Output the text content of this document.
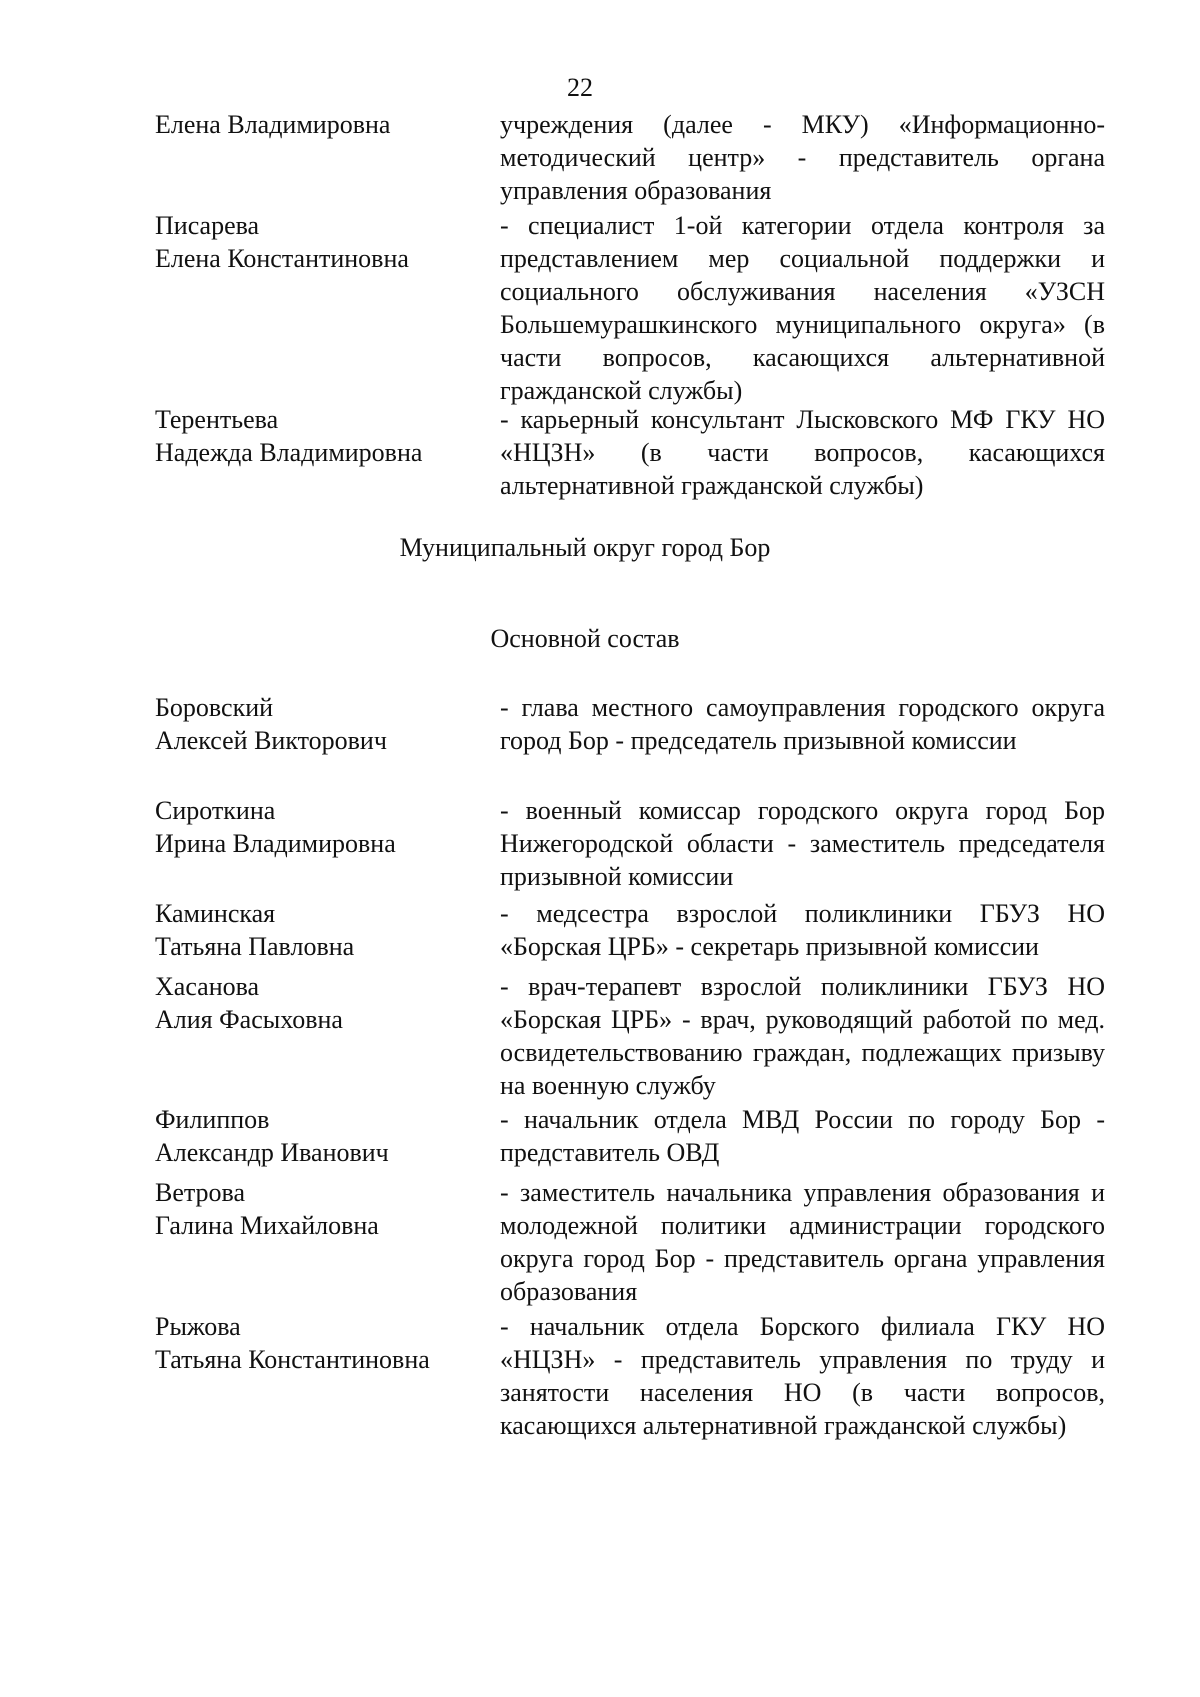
22
Елена Владимировна	учреждения (далее - МКУ) «Информационно-методический центр» - представитель органа управления образования
Писарева
Елена Константиновна
- специалист 1-ой категории отдела контроля за представлением мер социальной поддержки и социального обслуживания населения «УЗСН Большемурашкинского муниципального округа» (в части вопросов, касающихся альтернативной гражданской службы)
Терентьева
Надежда Владимировна
- карьерный консультант Лысковского МФ ГКУ НО «НЦЗН» (в части вопросов, касающихся альтернативной гражданской службы)
Муниципальный округ город Бор
Основной состав
Боровский
Алексей Викторович
- глава местного самоуправления городского округа город Бор - председатель призывной комиссии
Сироткина
Ирина Владимировна
- военный комиссар городского округа город Бор Нижегородской области - заместитель председателя призывной комиссии
Каминская
Татьяна Павловна
- медсестра взрослой поликлиники ГБУЗ НО «Борская ЦРБ» - секретарь призывной комиссии
Хасанова
Алия Фасыховна
- врач-терапевт взрослой поликлиники ГБУЗ НО «Борская ЦРБ» - врач, руководящий работой по мед. освидетельствованию граждан, подлежащих призыву на военную службу
Филиппов
Александр Иванович
- начальник отдела МВД России по городу Бор - представитель ОВД
Ветрова
Галина Михайловна
- заместитель начальника управления образования и молодежной политики администрации городского округа город Бор - представитель органа управления образования
Рыжова
Татьяна Константиновна
- начальник отдела Борского филиала ГКУ НО «НЦЗН» - представитель управления по труду и занятости населения НО (в части вопросов, касающихся альтернативной гражданской службы)
